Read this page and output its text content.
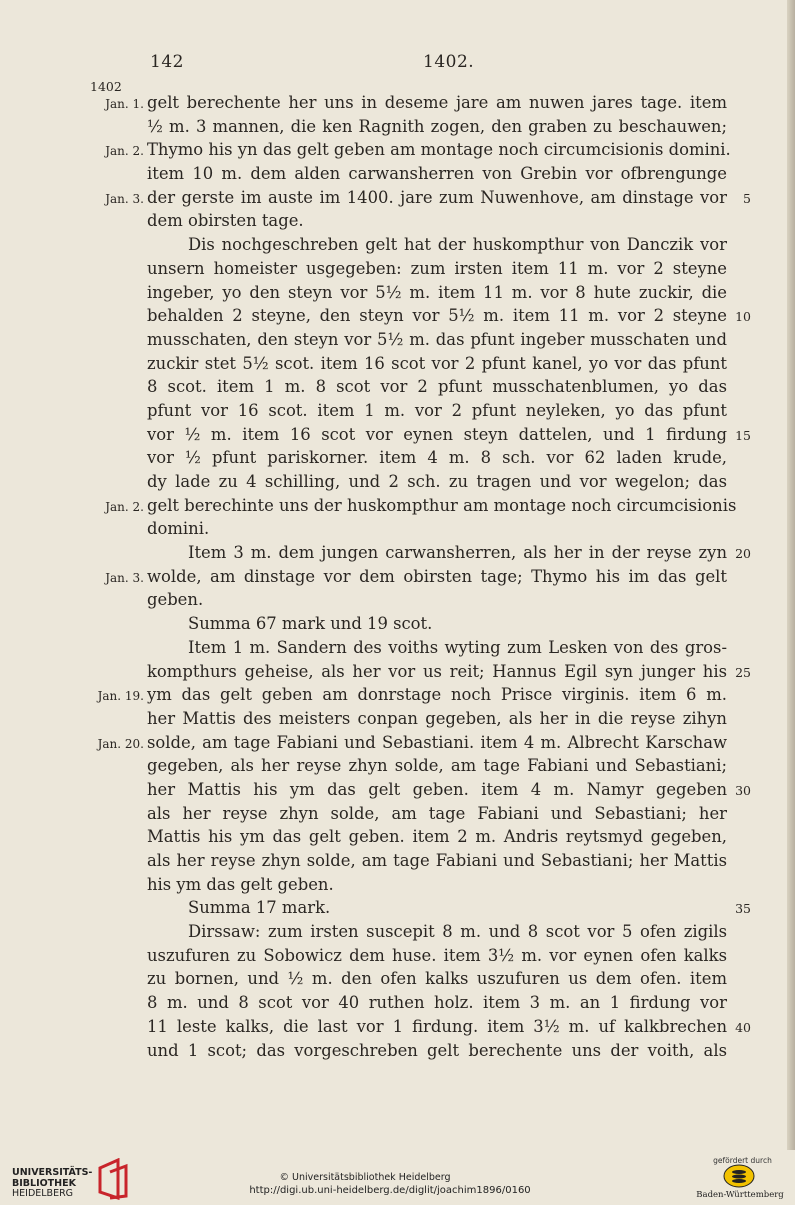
142	1402.
1402
Jan. 1. gelt berechente her uns in deseme jare am nuwen jares tage. item
½ m. 3 mannen, die ken Ragnith zogen, den graben zu beschauwen;
Jan. 2. Thymo his yn das gelt geben am montage noch circumcisionis domini.
item 10 m. dem alden carwansherren von Grebin vor ofbrengunge
Jan. 3. der gerste im auste im 1400. jare zum Nuwenhove, am dinstage vor	5
dem obirsten tage.
Dis nochgeschreben gelt hat der huskompthur von Danczik vor
unsern homeister usgegeben: zum irsten item 11 m. vor 2 steyne
ingeber, yo den steyn vor 5½ m. item 11 m. vor 8 hute zuckir, die
behalden 2 steyne, den steyn vor 5½ m. item 11 m. vor 2 steyne 10
musschaten, den steyn vor 5½ m. das pfunt ingeber musschaten und
zuckir stet 5½ scot. item 16 scot vor 2 pfunt kanel, yo vor das pfunt
8 scot. item 1 m. 8 scot vor 2 pfunt musschatenblumen, yo das
pfunt vor 16 scot. item 1 m. vor 2 pfunt neyleken, yo das pfunt
vor ½ m. item 16 scot vor eynen steyn dattelen, und 1 firdung 15
vor ½ pfunt pariskorner. item 4 m. 8 sch. vor 62 laden krude,
dy lade zu 4 schilling, und 2 sch. zu tragen und vor wegelon; das
Jan. 2. gelt berechinte uns der huskompthur am montage noch circumcisionis
domini.
Item 3 m. dem jungen carwansherren, als her in der reyse zyn 20
Jan. 3. wolde, am dinstage vor dem obirsten tage; Thymo his im das gelt
geben.
Summa 67 mark und 19 scot.
Item 1 m. Sandern des voiths wyting zum Lesken von des gros-
kompthurs geheise, als her vor us reit; Hannus Egil syn junger his 25
Jan. 19. ym das gelt geben am donrstage noch Prisce virginis. item 6 m.
her Mattis des meisters conpan gegeben, als her in die reyse zihyn
Jan. 20. solde, am tage Fabiani und Sebastiani. item 4 m. Albrecht Karschaw
gegeben, als her reyse zhyn solde, am tage Fabiani und Sebastiani;
her Mattis his ym das gelt geben. item 4 m. Namyr gegeben 30
als her reyse zhyn solde, am tage Fabiani und Sebastiani; her
Mattis his ym das gelt geben. item 2 m. Andris reytsmyd gegeben,
als her reyse zhyn solde, am tage Fabiani und Sebastiani; her Mattis
his ym das gelt geben.
Summa 17 mark.	35
Dirssaw: zum irsten suscepit 8 m. und 8 scot vor 5 ofen zigils
uszufuren zu Sobowicz dem huse. item 3½ m. vor eynen ofen kalks
zu bornen, und ½ m. den ofen kalks uszufuren us dem ofen. item
8 m. und 8 scot vor 40 ruthen holz. item 3 m. an 1 firdung vor
11 leste kalks, die last vor 1 firdung. item 3½ m. uf kalkbrechen 40
und 1 scot; das vorgeschreben gelt berechente uns der voith, als
UNIVERSITÄTS-
BIBLIOTHEK
HEIDELBERG
© Universitätsbibliothek Heidelberg
http://digi.ub.uni-heidelberg.de/diglit/joachim1896/0160
gefördert durch
Baden-Württemberg
